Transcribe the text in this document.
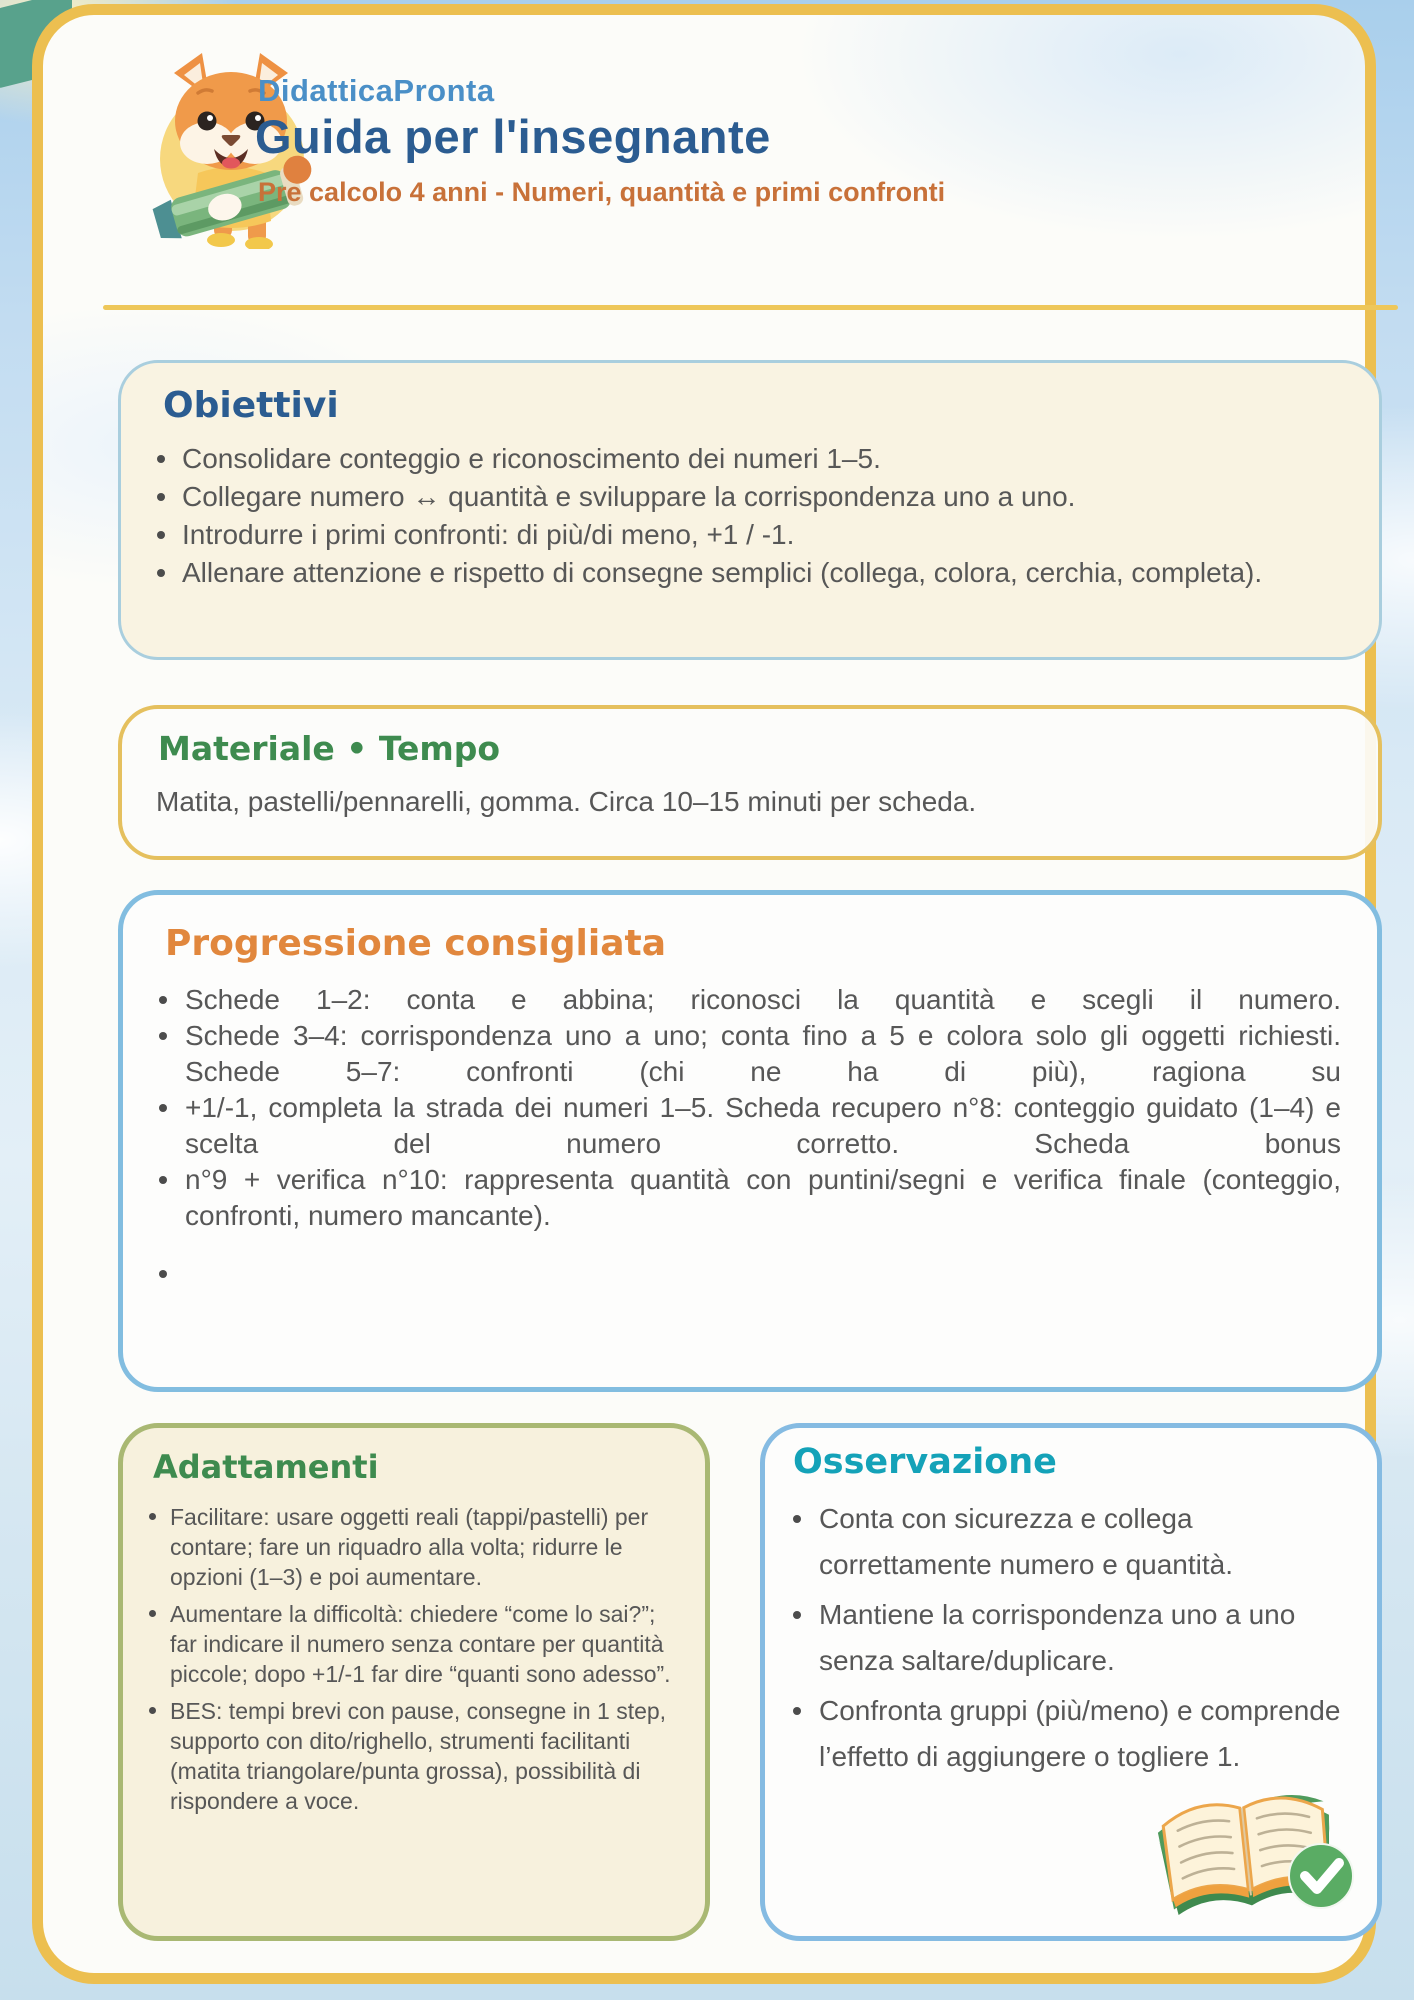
DidatticaPronta
Guida per l'insegnante
Pre calcolo 4 anni - Numeri, quantità e primi confronti
Obiettivi
Consolidare conteggio e riconoscimento dei numeri 1–5.
Collegare numero ↔ quantità e sviluppare la corrispondenza uno a uno.
Introdurre i primi confronti: di più/di meno, +1 / -1.
Allenare attenzione e rispetto di consegne semplici (collega, colora, cerchia, completa).
Materiale • Tempo

Matita, pastelli/pennarelli, gomma. Circa 10–15 minuti per scheda.

Progressione consigliata
Schede 1–2: conta e abbina; riconosci la quantità e scegli il numero.
Schede 3–4: corrispondenza uno a uno; conta fino a 5 e colora solo gli oggetti richiesti. Schede 5–7: confronti (chi ne ha di più), ragiona su
+1/-1, completa la strada dei numeri 1–5. Scheda recupero n°8: conteggio guidato (1–4) e scelta del numero corretto. Scheda bonus
n°9 + verifica n°10: rappresenta quantità con puntini/segni e verifica finale (conteggio, confronti, numero mancante).
Adattamenti
Facilitare: usare oggetti reali (tappi/pastelli) per contare; fare un riquadro alla volta; ridurre le opzioni (1–3) e poi aumentare.
Aumentare la difficoltà: chiedere “come lo sai?”; far indicare il numero senza contare per quantità piccole; dopo +1/-1 far dire “quanti sono adesso”.
BES: tempi brevi con pause, consegne in 1 step, supporto con dito/righello, strumenti facilitanti (matita triangolare/punta grossa), possibilità di rispondere a voce.
Osservazione
Conta con sicurezza e collega correttamente numero e quantità.
Mantiene la corrispondenza uno a uno senza saltare/duplicare.
Confronta gruppi (più/meno) e comprende l’effetto di aggiungere o togliere 1.
